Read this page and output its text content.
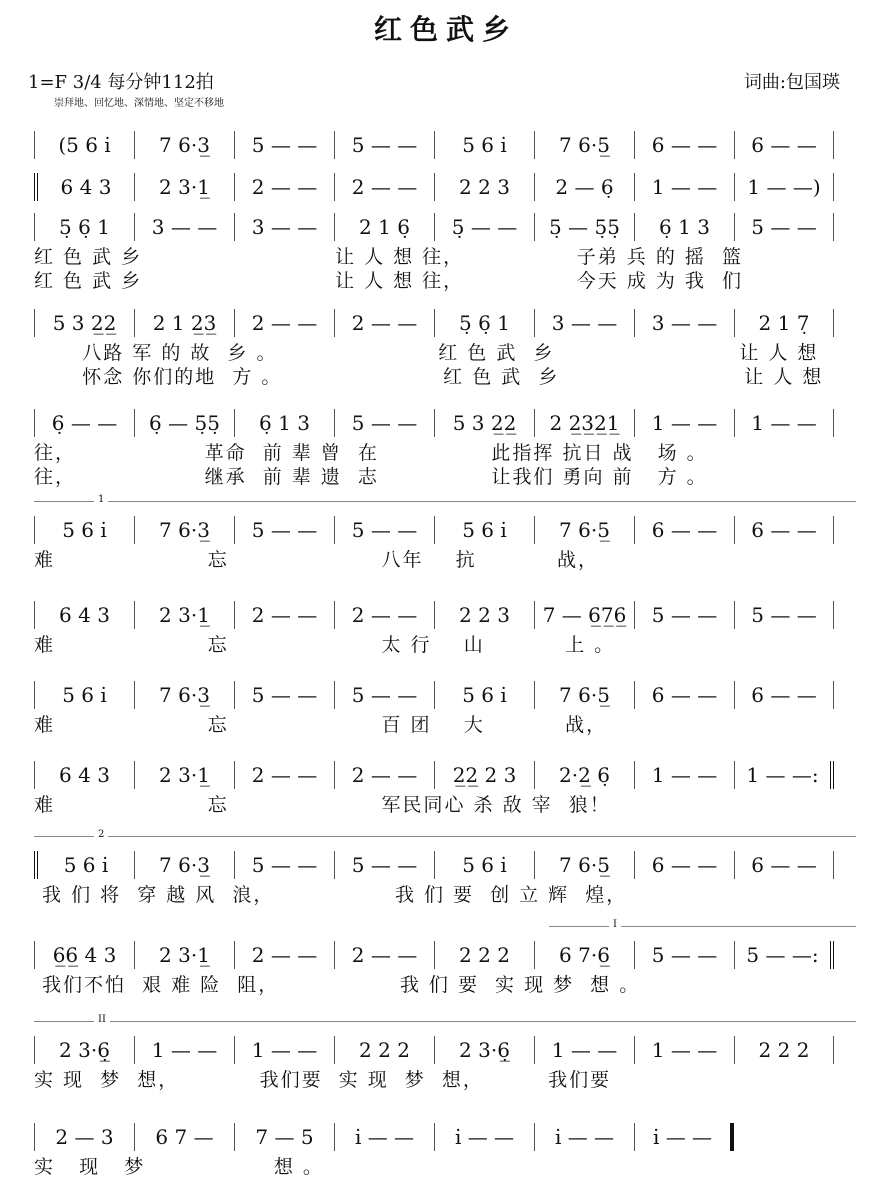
红色武乡
1=F 3/4 每分钟112拍
崇拜地、回忆地、深情地、坚定不移地
词曲:包国瑛
(5 6 i̇	7 6·3̲	5 — —	5 — —	5 6 i̇	7 6·5̲	6 — —	6 — —
6 4 3	2 3·1̲	2 — —	2 — —	2 2 3	2 — 6̣	1 — —	1 — —)
5̣ 6̣ 1	3 — —	3 — —	2 1 6̣	5̣ — —	5̣ — 5̣5̣	6̣ 1 3	5 — —
红 色 武 乡                        让 人 想 往，              子弟 兵 的 摇  篮
红 色 武 乡                        让 人 想 往，              今天 成 为 我  们
5 3 2̲2̲	2 1 2̲3̲	2 — —	2 — —	5̣ 6̣ 1	3 — —	3 — —	2 1 7̣
八路 军 的 故  乡 。                    红 色 武  乡                       让 人 想
怀念 你们的地  方 。                    红 色 武  乡                       让 人 想
6̣ — —	6̣ — 5̣5̣	6̣ 1 3	5 — —	5 3 2̲2̲	2 2̲3̲2̲1̲	1 — —	1 — —
往，                革命  前 辈 曾  在              此指挥 抗日 战   场 。
往，                继承  前 辈 遗  志              让我们 勇向 前   方 。
1
5 6 i̇	7 6·3̲	5 — —	5 — —	5 6 i̇	7 6·5̲	6 — —	6 — —
难                   忘                   八年    抗          战，
6 4 3	2 3·1̲	2 — —	2 — —	2 2 3	7 — 6̲7̲6̲	5 — —	5 — —
难                   忘                   太 行    山          上 。
5 6 i̇	7 6·3̲	5 — —	5 — —	5 6 i̇	7 6·5̲	6 — —	6 — —
难                   忘                   百 团    大          战，
6 4 3	2 3·1̲	2 — —	2 — —	2̲2̲ 2 3	2·2̲ 6̣	1 — —	1 — —:
难                   忘                   军民同心 杀 敌 宰  狼！
2
5 6 i̇	7 6·3̲	5 — —	5 — —	5 6 i̇	7 6·5̲	6 — —	6 — —
我 们 将  穿 越 风  浪，               我 们 要  创 立 辉  煌，
I
6̲6̲ 4 3	2 3·1̲	2 — —	2 — —	2 2 2	6 7·6̲	5 — —	5 — —:
我们不怕  艰 难 险  阻，               我 们 要  实 现 梦  想 。
II
2 3·6̣̲	1 — —	1 — —	2 2 2	2 3·6̣̲	1 — —	1 — —	2 2 2
实 现  梦  想，          我们要  实 现  梦  想，        我们要
2 — 3	6 7 —	7 — 5	i̇ — —	i̇ — —	i̇ — —	i̇ — —
实   现   梦                想 。
